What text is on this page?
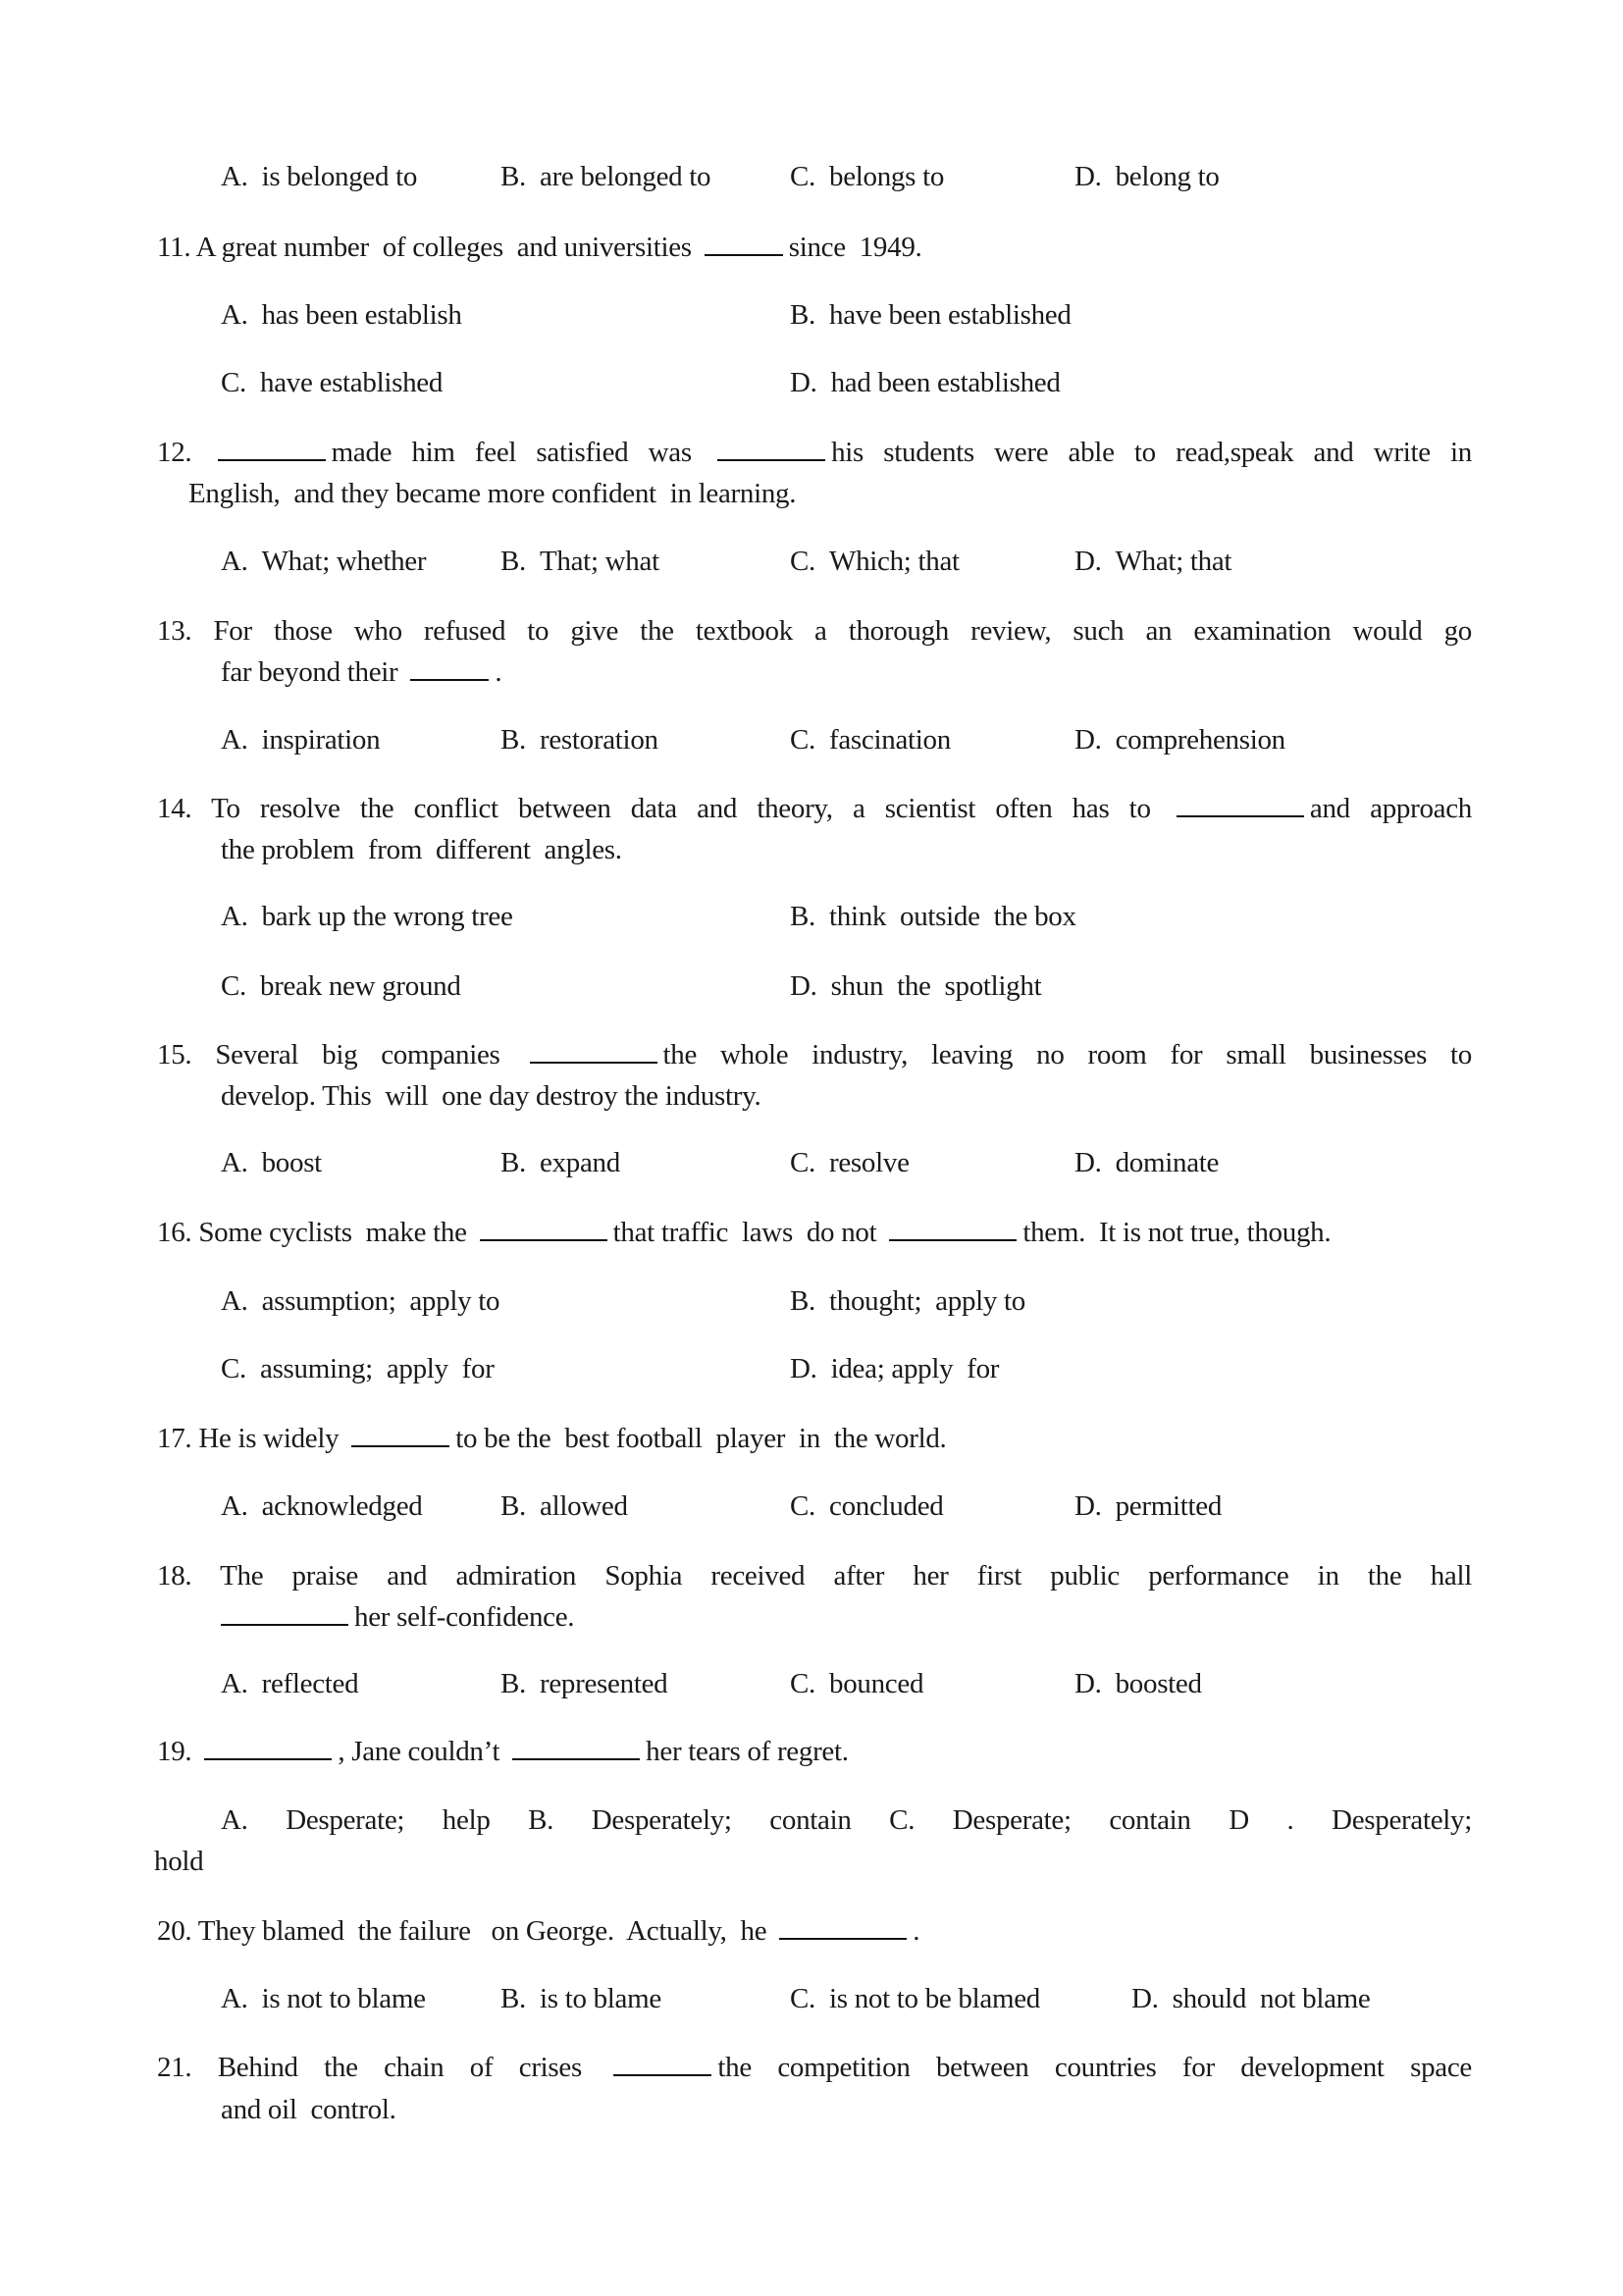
A. is belonged to	B. are belonged to	C. belongs to	D. belong to
11. A great number  of colleges  and universities	since  1949.
A. has been establish	B. have been established
C. have established	D. had been established
12.	made him feel satisfied was	his students were able to read,speak and write in
English,  and they became more confident  in learning.
A. What; whether	B. That; what	C. Which; that	D. What; that
13. For those who refused to give the textbook a thorough review, such an examination would go
far beyond their	.
A. inspiration	B. restoration	C. fascination	D. comprehension
14. To resolve the conflict between data and theory, a scientist often has to	and approach
the problem  from  different  angles.
A. bark up the wrong tree	B. think  outside  the box
C. break new ground	D. shun  the  spotlight
15. Several big companies	the whole industry, leaving no room for small businesses to
develop. This  will  one day destroy the industry.
A. boost	B. expand	C. resolve	D. dominate
16. Some cyclists  make the	that traffic  laws  do not	them.  It is not true, though.
A. assumption;  apply to	B. thought;  apply to
C. assuming;  apply  for	D. idea; apply  for
17. He is widely	to be the  best football  player  in  the world.
A. acknowledged	B. allowed	C. concluded	D. permitted
18. The praise and admiration Sophia received after her first public performance in the hall
her self-confidence.
A. reflected	B. represented	C. bounced	D. boosted
19.	, Jane couldn’t	her tears of regret.
A. Desperate; help B. Desperately; contain C. Desperate; contain D . Desperately;
hold
20. They blamed  the failure   on George.  Actually,  he	.
A. is not to blame	B. is to blame	C. is not to be blamed	D. should  not blame
21. Behind the chain of crises	the competition between countries for development space
and oil  control.
